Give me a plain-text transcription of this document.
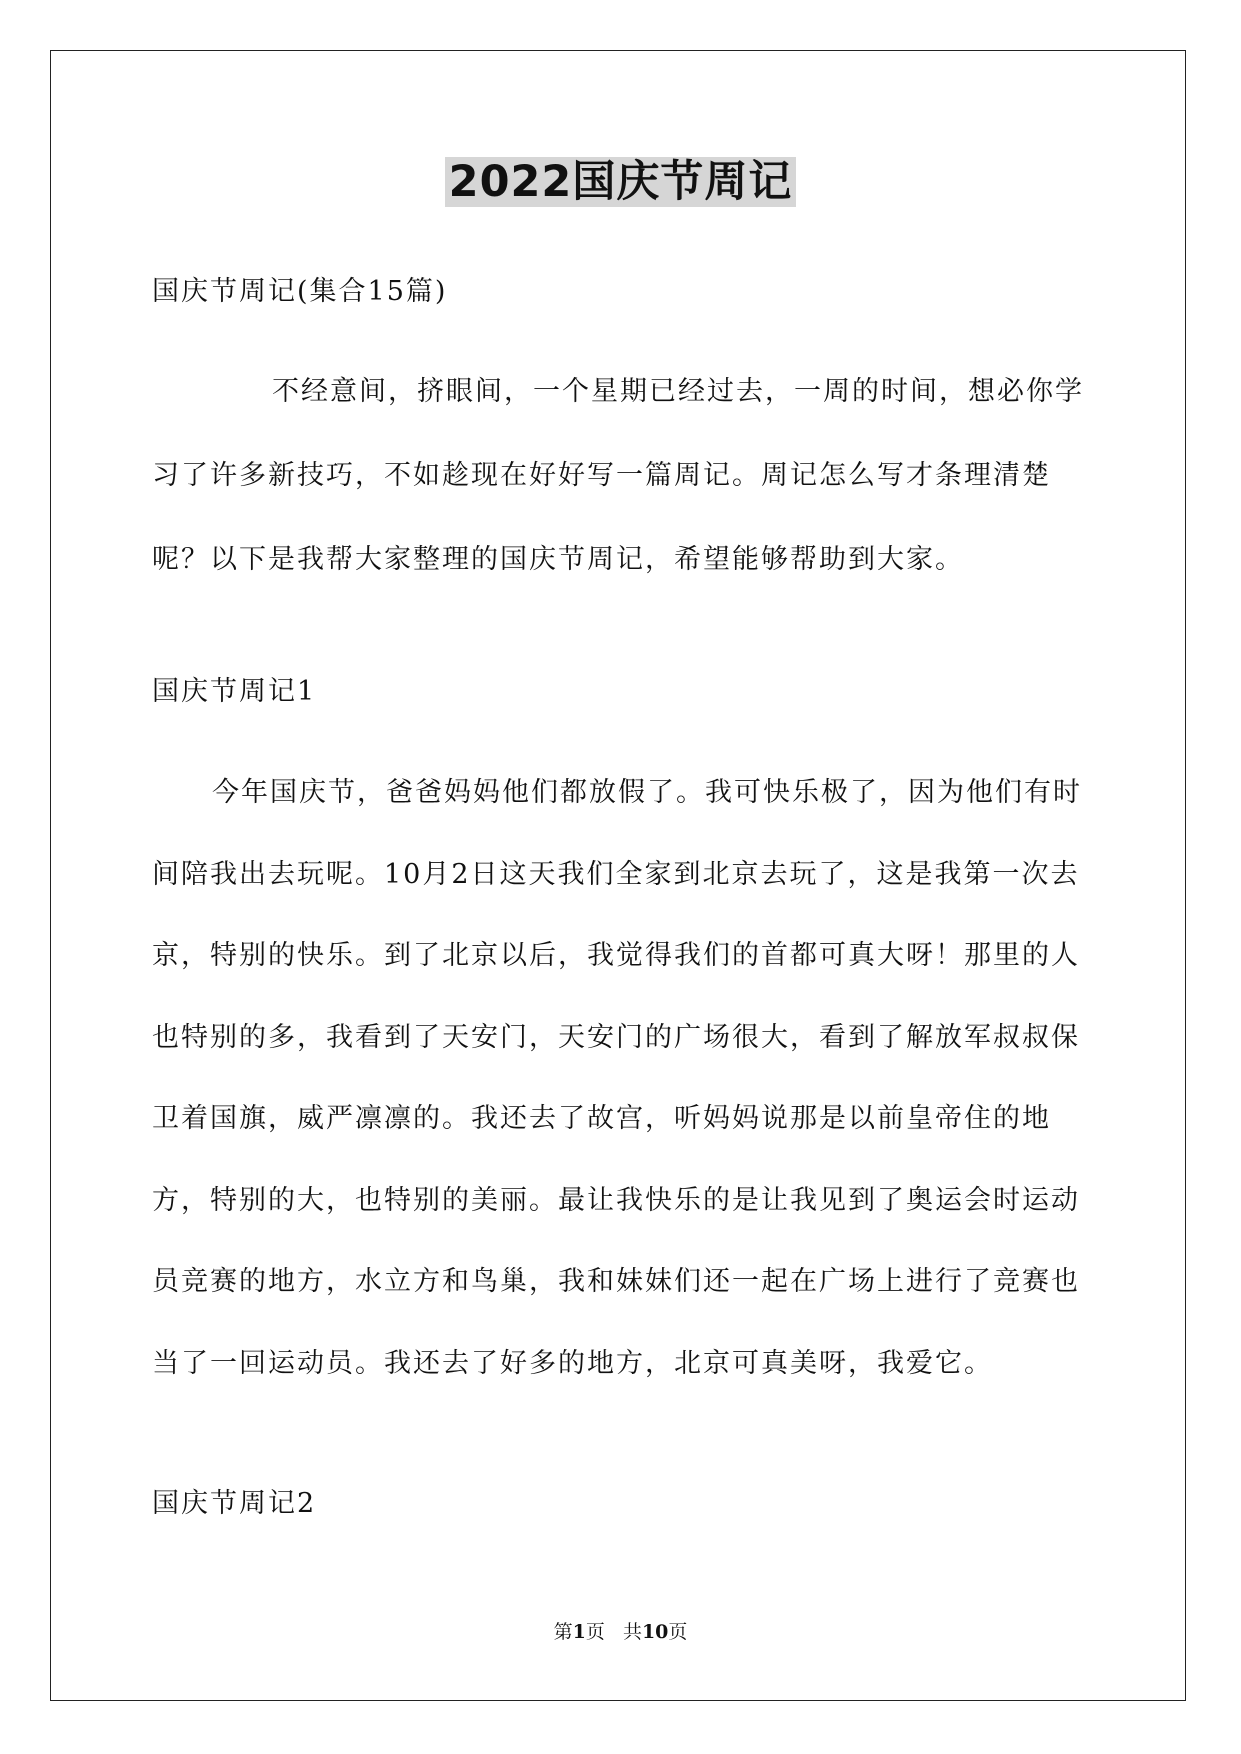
2022国庆节周记
国庆节周记(集合15篇)
不经意间，挤眼间，一个星期已经过去，一周的时间，想必你学习了许多新技巧，不如趁现在好好写一篇周记。周记怎么写才条理清楚呢？以下是我帮大家整理的国庆节周记，希望能够帮助到大家。
国庆节周记1
今年国庆节，爸爸妈妈他们都放假了。我可快乐极了，因为他们有时间陪我出去玩呢。10月2日这天我们全家到北京去玩了，这是我第一次去京，特别的快乐。到了北京以后，我觉得我们的首都可真大呀！那里的人也特别的多，我看到了天安门，天安门的广场很大，看到了解放军叔叔保卫着国旗，威严凛凛的。我还去了故宫，听妈妈说那是以前皇帝住的地方，特别的大，也特别的美丽。最让我快乐的是让我见到了奥运会时运动员竞赛的地方，水立方和鸟巢，我和妹妹们还一起在广场上进行了竞赛也当了一回运动员。我还去了好多的地方，北京可真美呀，我爱它。
国庆节周记2
第1页   共10页
